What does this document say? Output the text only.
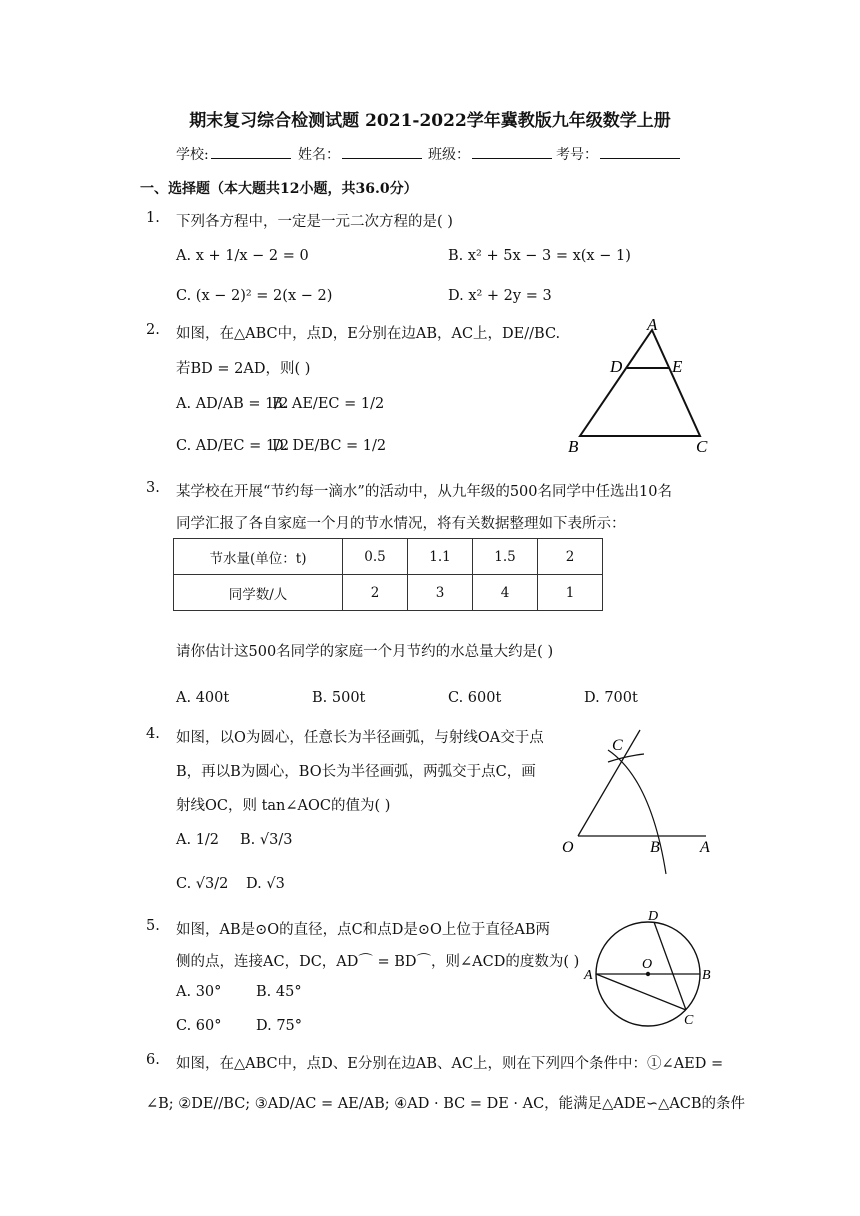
期末复习综合检测试题 2021-2022学年冀教版九年级数学上册
学校:	姓名：	班级：	考号：
一、选择题（本大题共12小题，共36.0分）
1. 下列各方程中，一定是一元二次方程的是( )
A. x + 1/x − 2 = 0	B. x² + 5x − 3 = x(x − 1)
C. (x − 2)² = 2(x − 2)	D. x² + 2y = 3
2. 如图，在△ABC中，点D，E分别在边AB，AC上，DE//BC.
若BD = 2AD，则( )
A. AD/AB = 1/2
B. AE/EC = 1/2
C. AD/EC = 1/2
D. DE/BC = 1/2
A
D	E
B	C
3. 某学校在开展“节约每一滴水”的活动中，从九年级的500名同学中任选出10名
同学汇报了各自家庭一个月的节水情况，将有关数据整理如下表所示：
节水量(单位：t)	0.5	1.1	1.5	2
同学数/人	2	3	4	1
请你估计这500名同学的家庭一个月节约的水总量大约是( )
A. 400t	B. 500t	C. 600t	D. 700t
4. 如图，以O为圆心，任意长为半径画弧，与射线OA交于点
B，再以B为圆心，BO长为半径画弧，两弧交于点C，画
射线OC，则 tan∠AOC的值为( )
A. 1/2 B. √3/3
C. √3/2 D. √3
C
O	B	A
5. 如图，AB是⊙O的直径，点C和点D是⊙O上位于直径AB两
侧的点，连接AC，DC，AD⌒ = BD⌒，则∠ACD的度数为( )
A. 30° B. 45°
C. 60° D. 75°
D
A
O
B
C
6. 如图，在△ABC中，点D、E分别在边AB、AC上，则在下列四个条件中：①∠AED =
∠B; ②DE//BC; ③AD/AC = AE/AB; ④AD · BC = DE · AC，能满足△ADE∽△ACB的条件
